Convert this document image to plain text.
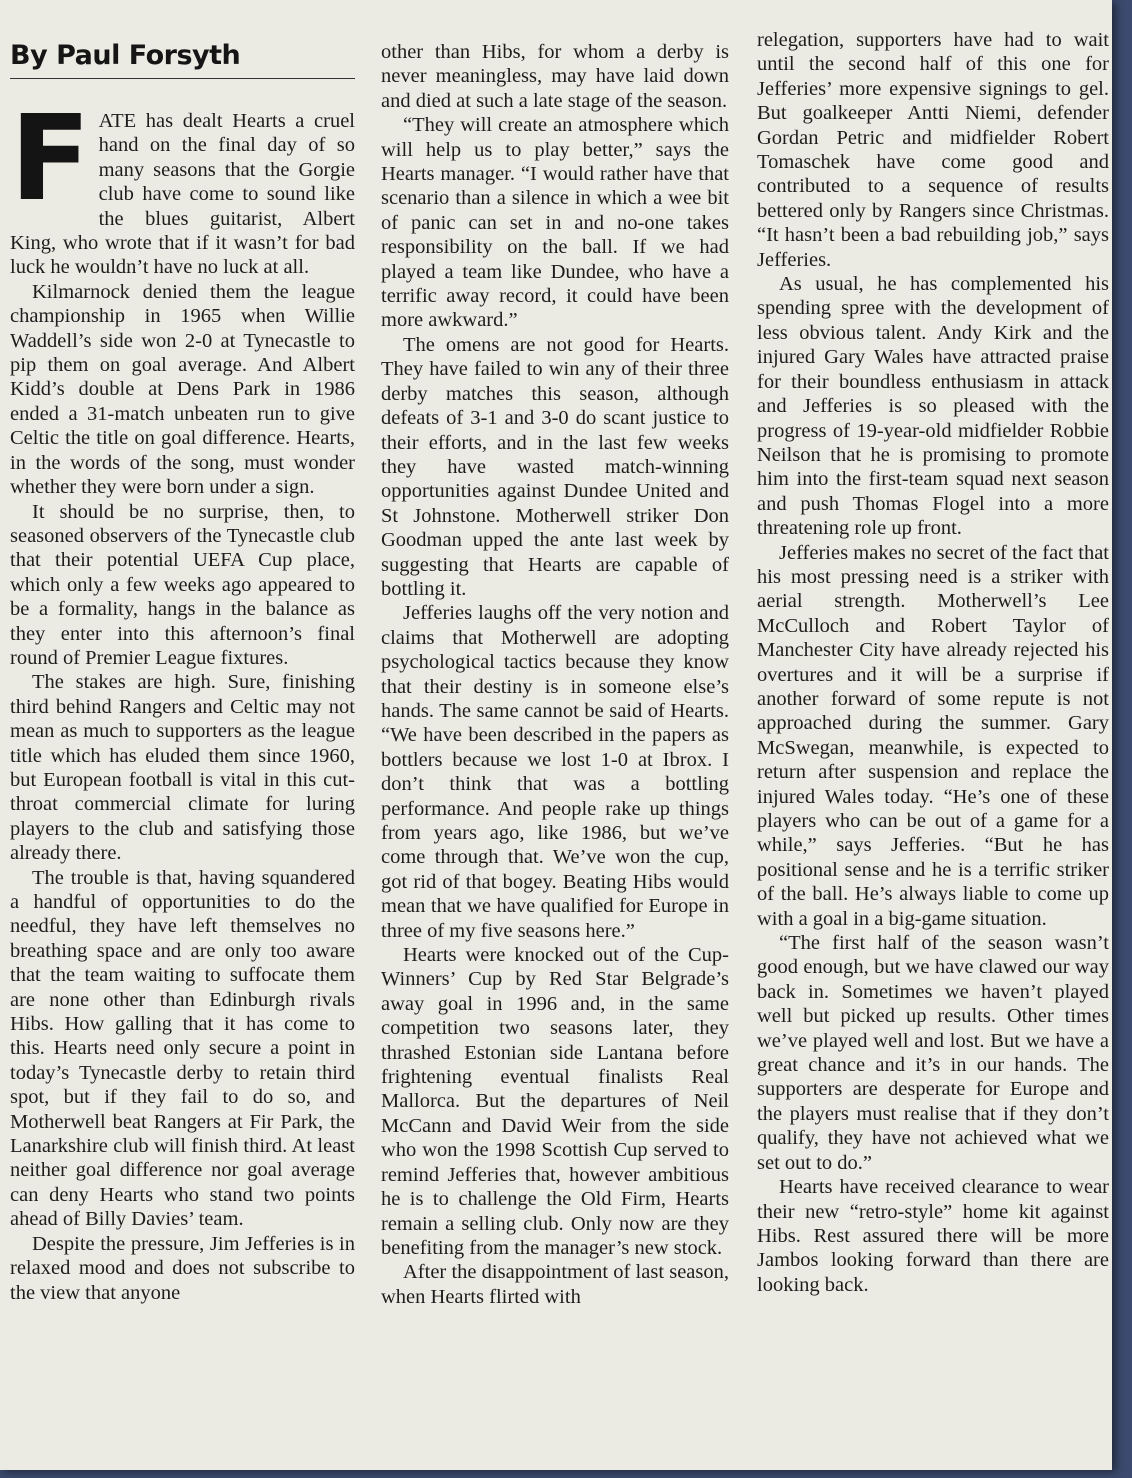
By Paul Forsyth

FATE has dealt Hearts a cruel hand on the final day of so many seasons that the Gorgie club have come to sound like the blues guitarist, Albert King, who wrote that if it wasn’t for bad luck he wouldn’t have no luck at all.

Kilmarnock denied them the league championship in 1965 when Willie Waddell’s side won 2-0 at Tynecastle to pip them on goal average. And Albert Kidd’s double at Dens Park in 1986 ended a 31-match unbeaten run to give Celtic the title on goal difference. Hearts, in the words of the song, must wonder whether they were born under a sign.

It should be no surprise, then, to seasoned observers of the Tynecastle club that their potential UEFA Cup place, which only a few weeks ago appeared to be a formality, hangs in the balance as they enter into this afternoon’s final round of Premier League fixtures.

The stakes are high. Sure, finishing third behind Rangers and Celtic may not mean as much to supporters as the league title which has eluded them since 1960, but European football is vital in this cut-throat commercial climate for luring players to the club and satisfying those already there.

The trouble is that, having squandered a handful of opportunities to do the needful, they have left themselves no breathing space and are only too aware that the team waiting to suffocate them are none other than Edinburgh rivals Hibs. How galling that it has come to this. Hearts need only secure a point in today’s Tynecastle derby to retain third spot, but if they fail to do so, and Motherwell beat Rangers at Fir Park, the Lanarkshire club will finish third. At least neither goal difference nor goal average can deny Hearts who stand two points ahead of Billy Davies’ team.

Despite the pressure, Jim Jefferies is in relaxed mood and does not subscribe to the view that anyone

other than Hibs, for whom a derby is never meaningless, may have laid down and died at such a late stage of the season.

“They will create an atmosphere which will help us to play better,” says the Hearts manager. “I would rather have that scenario than a silence in which a wee bit of panic can set in and no-one takes responsibility on the ball. If we had played a team like Dundee, who have a terrific away record, it could have been more awkward.”

The omens are not good for Hearts. They have failed to win any of their three derby matches this season, although defeats of 3-1 and 3-0 do scant justice to their efforts, and in the last few weeks they have wasted match-winning opportunities against Dundee United and St Johnstone. Motherwell striker Don Goodman upped the ante last week by suggesting that Hearts are capable of bottling it.

Jefferies laughs off the very notion and claims that Motherwell are adopting psychological tactics because they know that their destiny is in someone else’s hands. The same cannot be said of Hearts. “We have been described in the papers as bottlers because we lost 1-0 at Ibrox. I don’t think that was a bottling performance. And people rake up things from years ago, like 1986, but we’ve come through that. We’ve won the cup, got rid of that bogey. Beating Hibs would mean that we have qualified for Europe in three of my five seasons here.”

Hearts were knocked out of the Cup-Winners’ Cup by Red Star Belgrade’s away goal in 1996 and, in the same competition two seasons later, they thrashed Estonian side Lantana before frightening eventual finalists Real Mallorca. But the departures of Neil McCann and David Weir from the side who won the 1998 Scottish Cup served to remind Jefferies that, however ambitious he is to challenge the Old Firm, Hearts remain a selling club. Only now are they benefiting from the manager’s new stock.

After the disappointment of last season, when Hearts flirted with

relegation, supporters have had to wait until the second half of this one for Jefferies’ more expensive signings to gel. But goalkeeper Antti Niemi, defender Gordan Petric and midfielder Robert Tomaschek have come good and contributed to a sequence of results bettered only by Rangers since Christmas. “It hasn’t been a bad rebuilding job,” says Jefferies.

As usual, he has complemented his spending spree with the development of less obvious talent. Andy Kirk and the injured Gary Wales have attracted praise for their boundless enthusiasm in attack and Jefferies is so pleased with the progress of 19-year-old midfielder Robbie Neilson that he is promising to promote him into the first-team squad next season and push Thomas Flogel into a more threatening role up front.

Jefferies makes no secret of the fact that his most pressing need is a striker with aerial strength. Motherwell’s Lee McCulloch and Robert Taylor of Manchester City have already rejected his overtures and it will be a surprise if another forward of some repute is not approached during the summer. Gary McSwegan, meanwhile, is expected to return after suspension and replace the injured Wales today. “He’s one of these players who can be out of a game for a while,” says Jefferies. “But he has positional sense and he is a terrific striker of the ball. He’s always liable to come up with a goal in a big-game situation.

“The first half of the season wasn’t good enough, but we have clawed our way back in. Sometimes we haven’t played well but picked up results. Other times we’ve played well and lost. But we have a great chance and it’s in our hands. The supporters are desperate for Europe and the players must realise that if they don’t qualify, they have not achieved what we set out to do.”

Hearts have received clearance to wear their new “retro-style” home kit against Hibs. Rest assured there will be more Jambos looking forward than there are looking back.
